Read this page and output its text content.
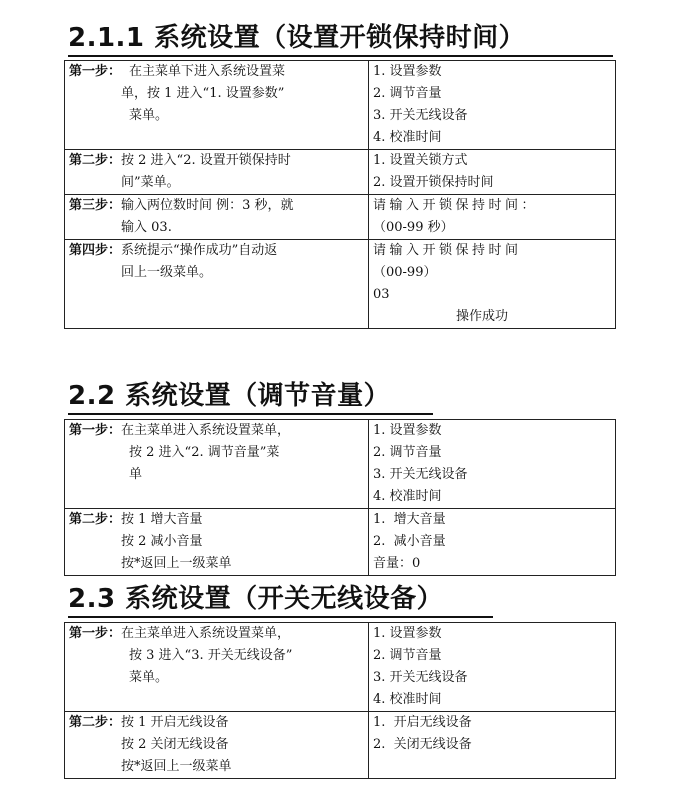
2.1.1 系统设置（设置开锁保持时间）
第一步： 在主菜单下进入系统设置菜
单，按 1 进入“1. 设置参数”
菜单。	1. 设置参数
2. 调节音量
3. 开关无线设备
4. 校准时间

第二步： 按 2 进入“2. 设置开锁保持时
间”菜单。	1. 设置关锁方式
2. 设置开锁保持时间

第三步： 输入两位数时间 例：3 秒，就
输入 03.	请输入开锁保持时间：
（00-99 秒）

第四步： 系统提示“操作成功”自动返
回上一级菜单。	请输入开锁保持时间
（00-99）
03
操作成功
2.2 系统设置（调节音量）
第一步： 在主菜单进入系统设置菜单，
按 2 进入“2. 调节音量”菜
单	1. 设置参数
2. 调节音量
3. 开关无线设备
4. 校准时间

第二步： 按 1 增大音量
按 2 减小音量
按*返回上一级菜单	1.  增大音量
2.  减小音量
音量：0
2.3 系统设置（开关无线设备）
第一步： 在主菜单进入系统设置菜单，
按 3 进入“3. 开关无线设备”
菜单。	1. 设置参数
2. 调节音量
3. 开关无线设备
4. 校准时间

第二步： 按 1 开启无线设备
按 2 关闭无线设备
按*返回上一级菜单	1.  开启无线设备
2.  关闭无线设备
